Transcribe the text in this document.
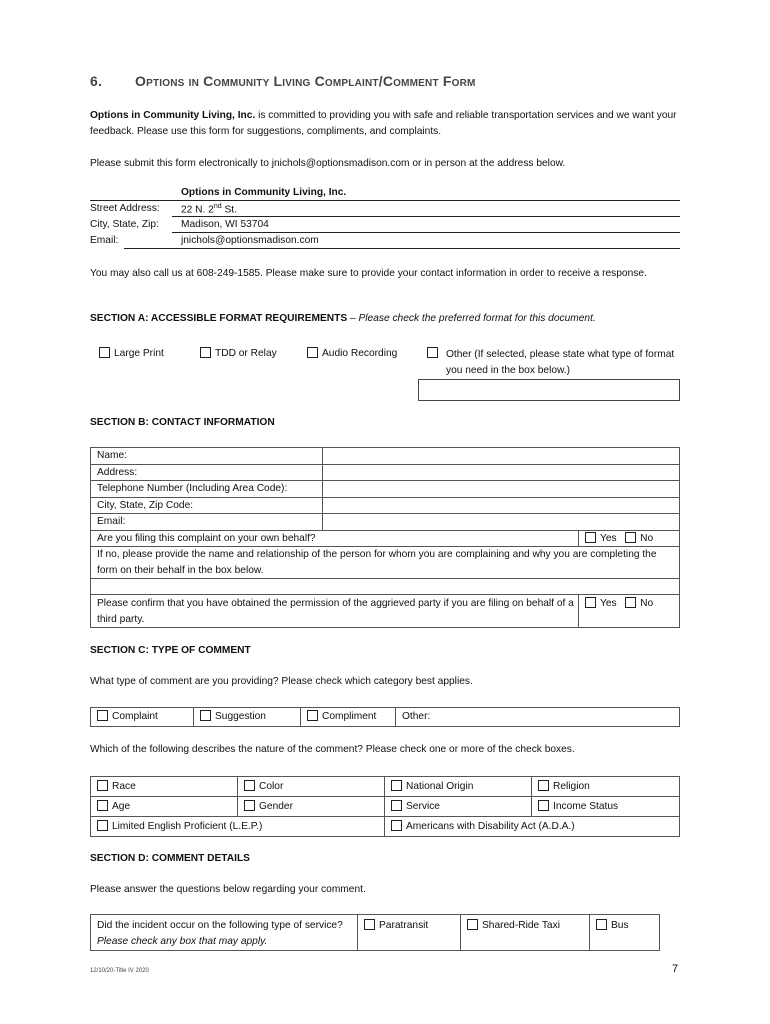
6. Options in Community Living Complaint/Comment Form

Options in Community Living, Inc. is committed to providing you with safe and reliable transportation services and we want your feedback. Please use this form for suggestions, compliments, and complaints.

Please submit this form electronically to jnichols@optionsmadison.com or in person at the address below.

Options in Community Living, Inc.
Street Address: 22 N. 2nd St.
City, State, Zip: Madison, WI 53704
Email:	jnichols@optionsmadison.com

You may also call us at 608-249-1585. Please make sure to provide your contact information in order to receive a response.

SECTION A: ACCESSIBLE FORMAT REQUIREMENTS – Please check the preferred format for this document.
Large Print	TDD or Relay	Audio Recording	Other (If selected, please state what type of format you need in the box below.)
SECTION B: CONTACT INFORMATION
Name:		
Address:		
Telephone Number (Including Area Code):		
City, State, Zip Code:		
Email:		
Are you filing this complaint on your own behalf?		Yes No
If no, please provide the name and relationship of the person for whom you are complaining and why you are completing the form on their behalf in the box below.		

Please confirm that you have obtained the permission of the aggrieved party if you are filing on behalf of a third party.		Yes No
SECTION C: TYPE OF COMMENT
What type of comment are you providing? Please check which category best applies.
Complaint	Suggestion	Compliment	Other:
Which of the following describes the nature of the comment? Please check one or more of the check boxes.
Race	Color	National Origin	Religion
Age	Gender	Service	Income Status
Limited English Proficient (L.E.P.)		Americans with Disability Act (A.D.A.)	
SECTION D: COMMENT DETAILS
Please answer the questions below regarding your comment.
Did the incident occur on the following type of service? Please check any box that may apply.	Paratransit	Shared-Ride Taxi	Bus
12/10/20-Title IV 2020	7
